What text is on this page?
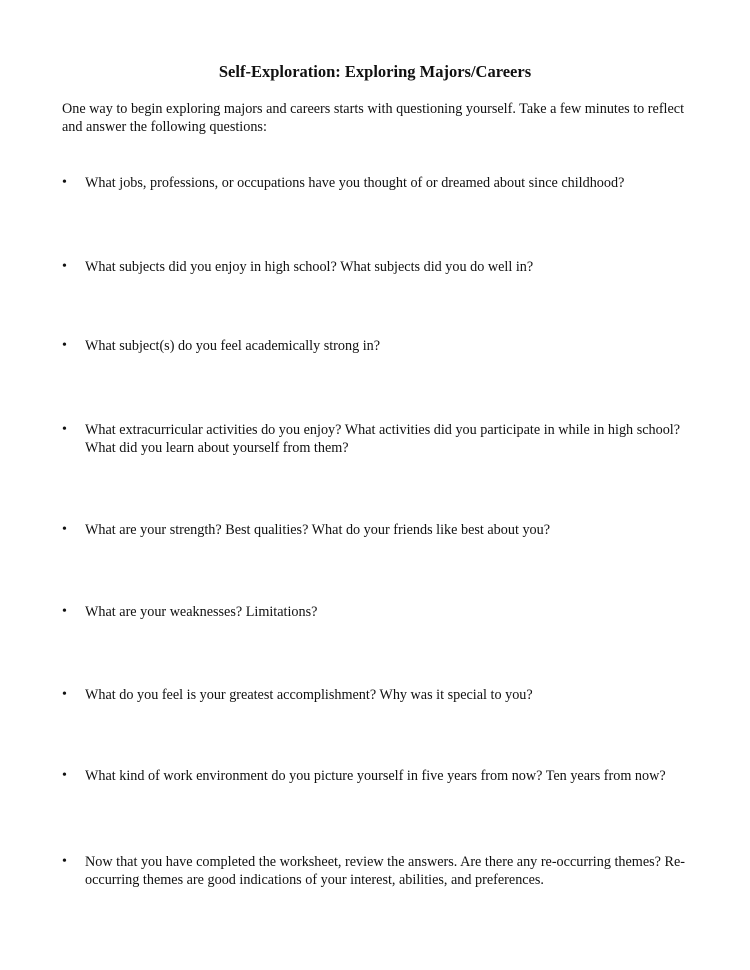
Self-Exploration: Exploring Majors/Careers
One way to begin exploring majors and careers starts with questioning yourself. Take a few minutes to reflect and answer the following questions:
• What jobs, professions, or occupations have you thought of or dreamed about since childhood?
• What subjects did you enjoy in high school? What subjects did you do well in?
• What subject(s) do you feel academically strong in?
• What extracurricular activities do you enjoy? What activities did you participate in while in high school? What did you learn about yourself from them?
• What are your strength? Best qualities? What do your friends like best about you?
• What are your weaknesses? Limitations?
• What do you feel is your greatest accomplishment? Why was it special to you?
• What kind of work environment do you picture yourself in five years from now? Ten years from now?
• Now that you have completed the worksheet, review the answers. Are there any re-occurring themes? Re-occurring themes are good indications of your interest, abilities, and preferences.
